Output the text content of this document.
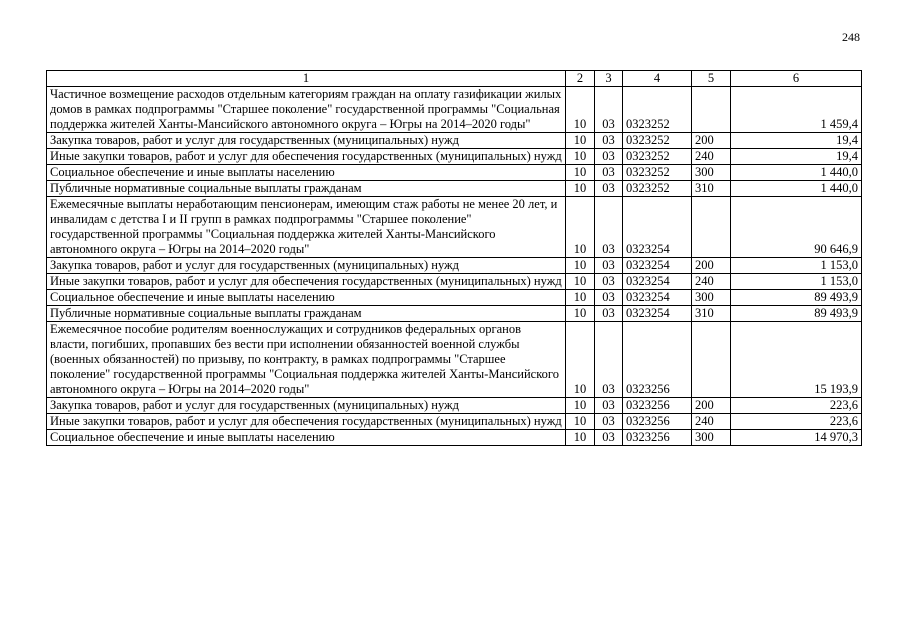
248
1	2	3	4	5	6
Частичное возмещение расходов отдельным категориям граждан на оплату газификации жилых домов в рамках подпрограммы "Старшее поколение" государственной программы "Социальная поддержка жителей Ханты-Мансийского автономного округа – Югры на 2014–2020 годы"	10	03	0323252		1 459,4
Закупка товаров, работ и услуг для государственных (муниципальных) нужд	10	03	0323252	200	19,4
Иные закупки товаров, работ и услуг для обеспечения государственных (муниципальных) нужд	10	03	0323252	240	19,4
Социальное обеспечение и иные выплаты населению	10	03	0323252	300	1 440,0
Публичные нормативные социальные выплаты гражданам	10	03	0323252	310	1 440,0
Ежемесячные выплаты неработающим пенсионерам, имеющим стаж работы не менее 20 лет, и инвалидам с детства I и II групп в рамках подпрограммы "Старшее поколение" государственной программы "Социальная поддержка жителей Ханты-Мансийского автономного округа – Югры на 2014–2020 годы"	10	03	0323254		90 646,9
Закупка товаров, работ и услуг для государственных (муниципальных) нужд	10	03	0323254	200	1 153,0
Иные закупки товаров, работ и услуг для обеспечения государственных (муниципальных) нужд	10	03	0323254	240	1 153,0
Социальное обеспечение и иные выплаты населению	10	03	0323254	300	89 493,9
Публичные нормативные социальные выплаты гражданам	10	03	0323254	310	89 493,9
Ежемесячное пособие родителям военнослужащих и сотрудников федеральных органов власти, погибших, пропавших без вести при исполнении обязанностей военной службы (военных обязанностей) по призыву, по контракту, в рамках подпрограммы "Старшее поколение" государственной программы "Социальная поддержка жителей Ханты-Мансийского автономного округа – Югры на 2014–2020 годы"	10	03	0323256		15 193,9
Закупка товаров, работ и услуг для государственных (муниципальных) нужд	10	03	0323256	200	223,6
Иные закупки товаров, работ и услуг для обеспечения государственных (муниципальных) нужд	10	03	0323256	240	223,6
Социальное обеспечение и иные выплаты населению	10	03	0323256	300	14 970,3
